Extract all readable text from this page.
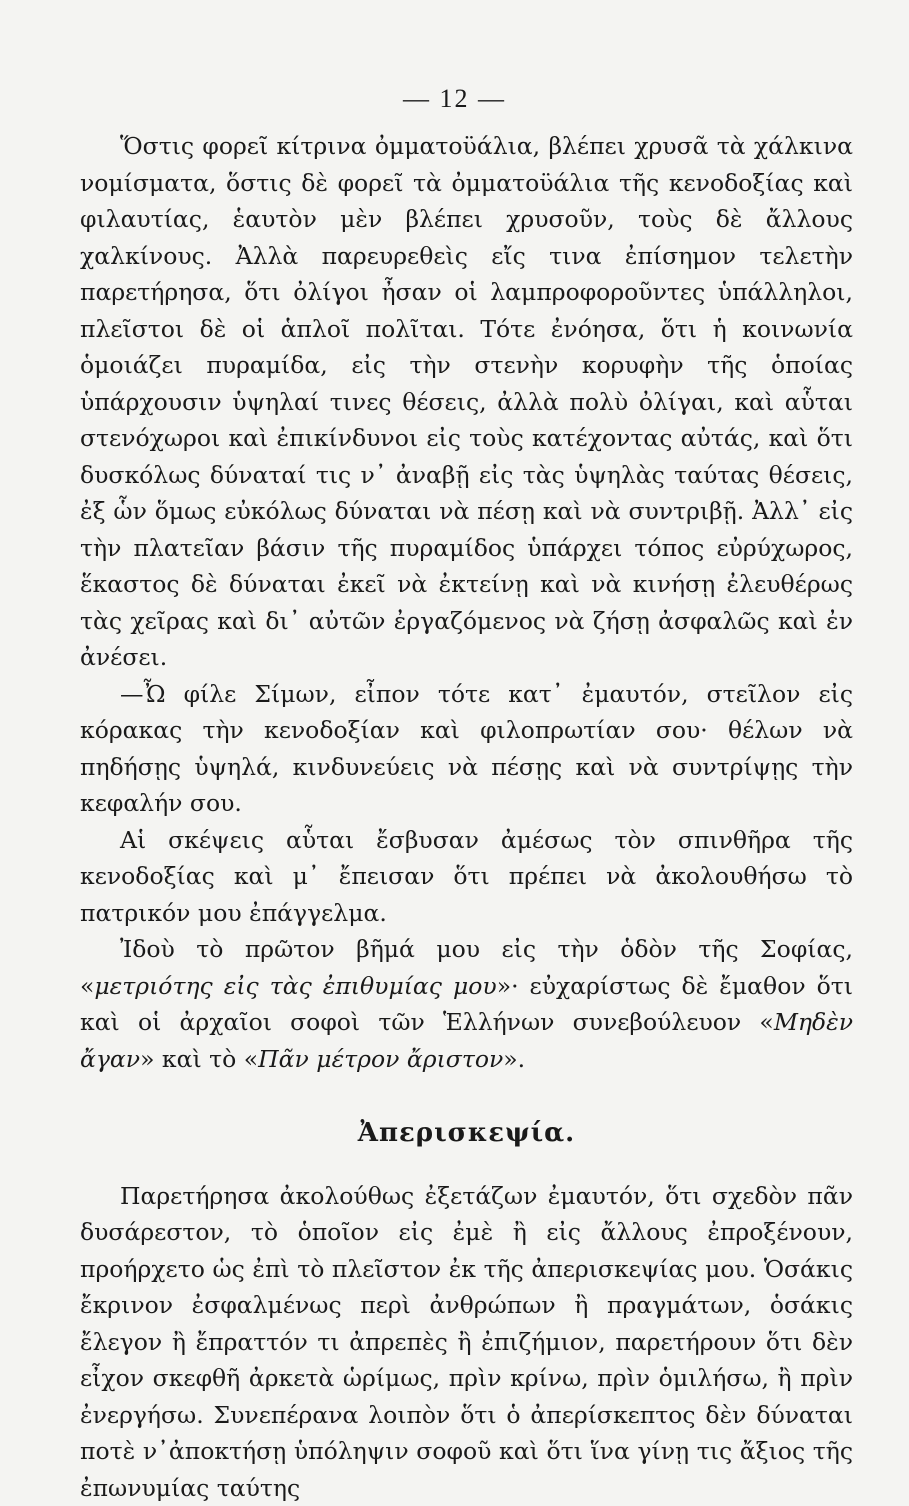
— 12 —

Ὅστις φορεῖ κίτρινα ὀμματοϋάλια, βλέπει χρυσᾶ τὰ χάλκινα νομίσματα, ὅστις δὲ φορεῖ τὰ ὀμματοϋάλια τῆς κενοδοξίας καὶ φιλαυτίας, ἑαυτὸν μὲν βλέπει χρυσοῦν, τοὺς δὲ ἄλλους χαλκίνους. Ἀλλὰ παρευρεθεὶς εἴς τινα ἐπίσημον τελετὴν παρετήρησα, ὅτι ὀλίγοι ἦσαν οἱ λαμπροφοροῦντες ὑπάλληλοι, πλεῖστοι δὲ οἱ ἁπλοῖ πολῖται. Τότε ἐνόησα, ὅτι ἡ κοινωνία ὁμοιάζει πυραμίδα, εἰς τὴν στενὴν κορυφὴν τῆς ὁποίας ὑπάρχουσιν ὑψηλαί τινες θέσεις, ἀλλὰ πολὺ ὀλίγαι, καὶ αὗται στενόχωροι καὶ ἐπικίνδυνοι εἰς τοὺς κατέχοντας αὐτάς, καὶ ὅτι δυσκόλως δύναταί τις ν᾽ ἀναβῇ εἰς τὰς ὑψηλὰς ταύτας θέσεις, ἐξ ὧν ὅμως εὐκόλως δύναται νὰ πέσῃ καὶ νὰ συντριβῇ. Ἀλλ᾽ εἰς τὴν πλατεῖαν βάσιν τῆς πυραμίδος ὑπάρχει τόπος εὐρύχωρος, ἕκαστος δὲ δύναται ἐκεῖ νὰ ἐκτείνῃ καὶ νὰ κινήσῃ ἐλευθέρως τὰς χεῖρας καὶ δι᾽ αὐτῶν ἐργαζόμενος νὰ ζήσῃ ἀσφαλῶς καὶ ἐν ἀνέσει.

—Ὦ φίλε Σίμων, εἶπον τότε κατ᾽ ἐμαυτόν, στεῖλον εἰς κόρακας τὴν κενοδοξίαν καὶ φιλοπρωτίαν σου· θέλων νὰ πηδήσῃς ὑψηλά, κινδυνεύεις νὰ πέσῃς καὶ νὰ συντρίψῃς τὴν κεφαλήν σου.

Αἱ σκέψεις αὗται ἔσβυσαν ἀμέσως τὸν σπινθῆρα τῆς κενοδοξίας καὶ μ᾽ ἔπεισαν ὅτι πρέπει νὰ ἀκολουθήσω τὸ πατρικόν μου ἐπάγγελμα.

Ἰδοὺ τὸ πρῶτον βῆμά μου εἰς τὴν ὁδὸν τῆς Σοφίας, «μετριότης εἰς τὰς ἐπιθυμίας μου»· εὐχαρίστως δὲ ἔμαθον ὅτι καὶ οἱ ἀρχαῖοι σοφοὶ τῶν Ἑλλήνων συνεβούλευον «Μηδὲν ἄγαν» καὶ τὸ «Πᾶν μέτρον ἄριστον».

Ἀπερισκεψία.

Παρετήρησα ἀκολούθως ἐξετάζων ἐμαυτόν, ὅτι σχεδὸν πᾶν δυσάρεστον, τὸ ὁποῖον εἰς ἐμὲ ἢ εἰς ἄλλους ἐπροξένουν, προήρχετο ὡς ἐπὶ τὸ πλεῖστον ἐκ τῆς ἀπερισκεψίας μου. Ὁσάκις ἔκρινον ἐσφαλμένως περὶ ἀνθρώπων ἢ πραγμάτων, ὁσάκις ἔλεγον ἢ ἔπραττόν τι ἀπρεπὲς ἢ ἐπιζήμιον, παρετήρουν ὅτι δὲν εἶχον σκεφθῆ ἀρκετὰ ὡρίμως, πρὶν κρίνω, πρὶν ὁμιλήσω, ἢ πρὶν ἐνεργήσω. Συνεπέρανα λοιπὸν ὅτι ὁ ἀπερίσκεπτος δὲν δύναται ποτὲ ν᾽ἀποκτήσῃ ὑπόληψιν σοφοῦ καὶ ὅτι ἵνα γίνῃ τις ἄξιος τῆς ἐπωνυμίας ταύτης
